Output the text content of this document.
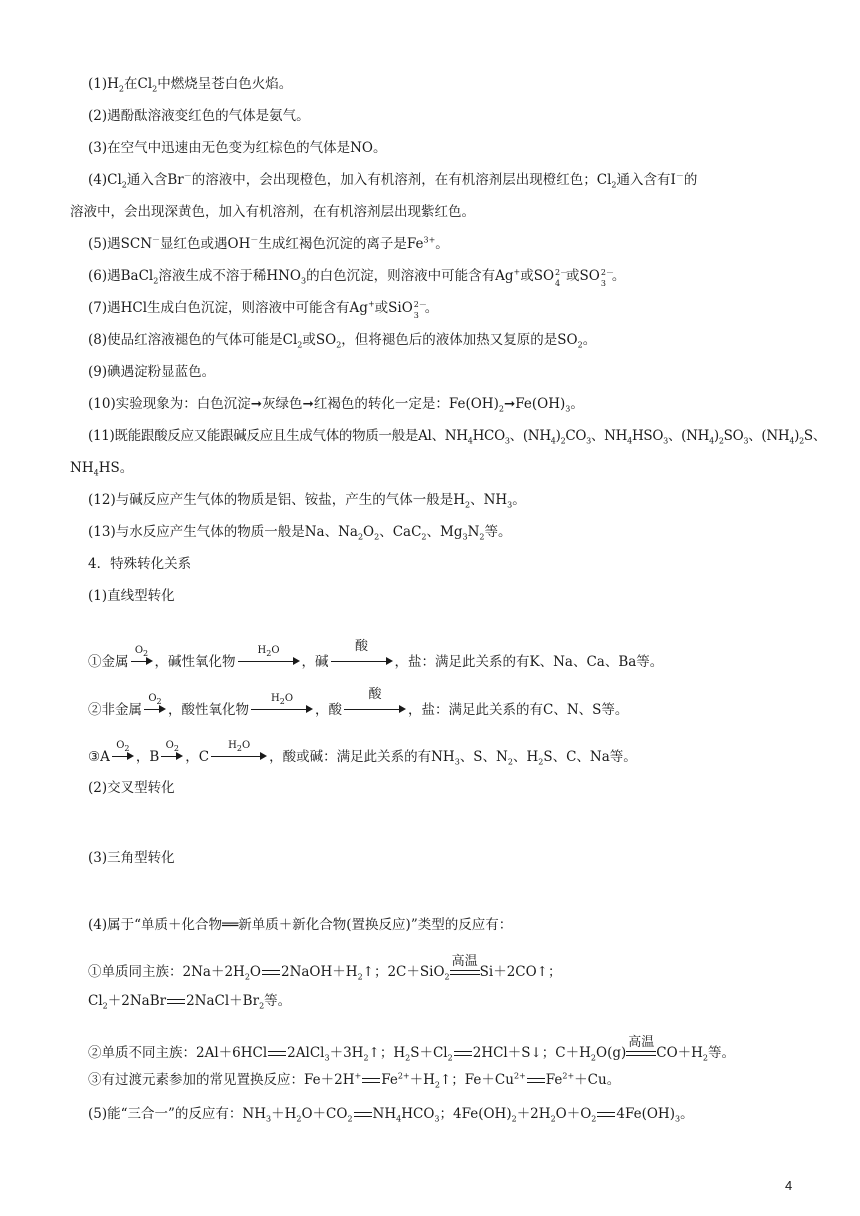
$(1)H_2$在$Cl_2$中燃烧呈苍白色火焰。
(2)遇酚酞溶液变红色的气体是氨气。
(3)在空气中迅速由无色变为红棕色的气体是NO。
$(4)Cl_2$通入含Br－的溶液中，会出现橙色，加入有机溶剂，在有机溶剂层出现橙红色；$Cl_2$通入含有I－的
溶液中，会出现深黄色，加入有机溶剂，在有机溶剂层出现紫红色。
(5)遇SCN－显红色或遇OH－生成红褐色沉淀的离子是$Fe^{3+}$。
(6)遇BaCl$_2$溶液生成不溶于稀$HNO_3$的白色沉淀，则溶液中可能含有Ag+或SO 2－
4 或SO 2－
3 。
(7)遇HCl生成白色沉淀，则溶液中可能含有Ag+或SiO 2－
3 。
(8)使品红溶液褪色的气体可能是$Cl_2$或$SO_2$，但将褪色后的液体加热又复原的是$SO_2$。
(9)碘遇淀粉显蓝色。
(10)实验现象为：白色沉淀➞灰绿色➞红褐色的转化一定是：$Fe(OH)_2➞Fe(OH)_3$。
(11)既能跟酸反应又能跟碱反应且生成气体的物质一般是Al、$NH_4HCO_3$、$(NH_4)_2CO_3$、$NH_4HSO_3$、$(NH_4)_2SO_3$、$(NH_4)_2S$、
$NH_4HS$。
(12)与碱反应产生气体的物质是铝、铵盐，产生的气体一般是$H_2$、$NH_3$。
(13)与水反应产生气体的物质一般是Na、$Na_2O_2$、CaC$_2$、$Mg_3N_2$等。
4．特殊转化关系
(1)直线型转化
①金属
$O_2$
，碱性氧化物
$H_2O$
，碱
酸
，盐：满足此关系的有K、Na、Ca、Ba等。
②非金属
$O_2$
，酸性氧化物
$H_2O$
，酸
酸
，盐：满足此关系的有C、N、S等。
③A
$O_2$
，B
$O_2$
，C
$H_2O$
，酸或碱：满足此关系的有$NH_3$、S、$N_2$、$H_2S$、C、Na等。
(2)交叉型转化
(3)三角型转化
(4)属于“单质＋化合物══新单质＋新化合物(置换反应)”类型的反应有：
①单质同主族：$2Na+2H_2O$ $2NaOH+H_2↑$；2C＋SiO$_2$
高温
Si＋2CO↑；
$Cl_2+2NaBr$ $2NaCl+Br_2$等。
②单质不同主族：2Al＋6HCl $2AlCl_3+3H_2↑$；$H_2S+Cl_2$ 2HCl＋S↓；$C+H_2O(g)$
高温
$CO+H_2$等。
③有过渡元素参加的常见置换反应：Fe＋2H+ $Fe^{2+}+H_2↑$；$Fe+Cu^{2+}$ $Fe^{2+}+Cu$。
(5)能“三合一”的反应有：$NH_3+H_2O+CO_2$ $NH_4HCO_3$；$4Fe(OH)_2+2H_2O+O_2$ $4Fe(OH)_3$。
4
